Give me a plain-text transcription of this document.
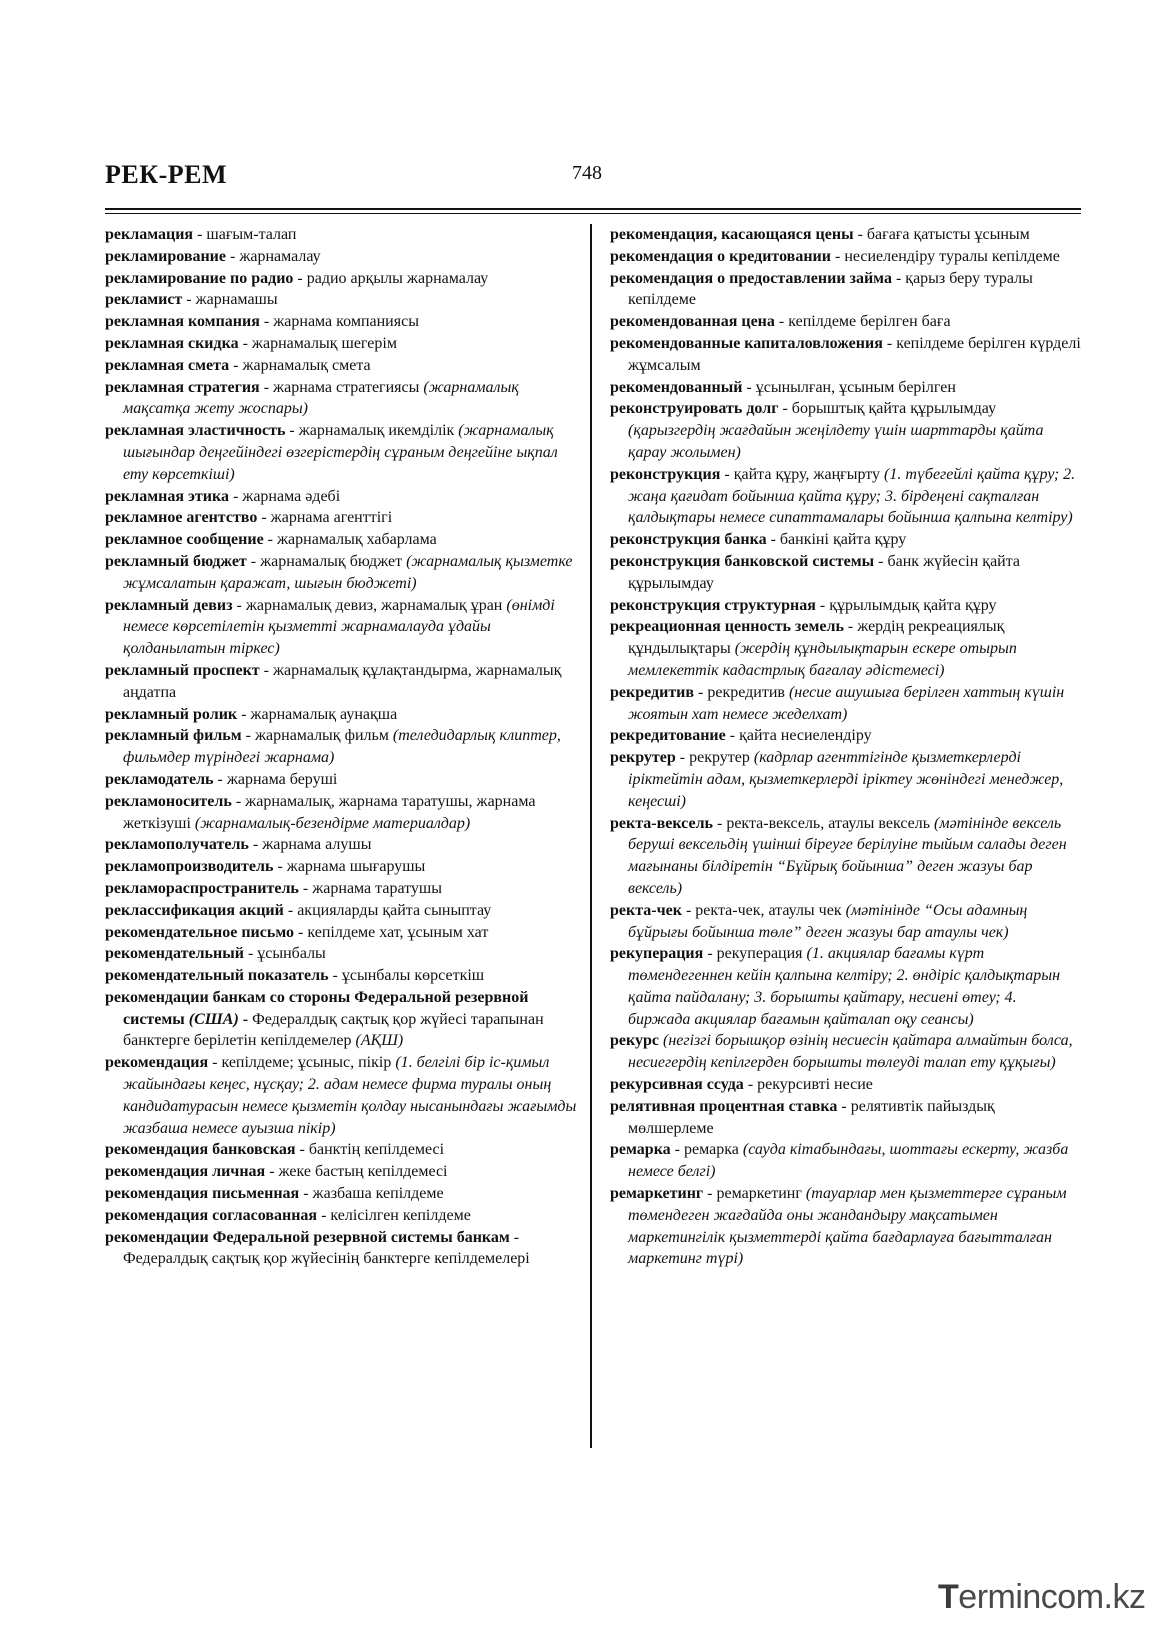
РЕК-РЕМ	748

рекламация - шағым-талап

рекламирование - жарнамалау

рекламирование по радио - радио арқылы жарнамалау

рекламист - жарнамашы

рекламная компания - жарнама компаниясы

рекламная скидка - жарнамалық шегерім

рекламная смета - жарнамалық смета

рекламная стратегия - жарнама стратегиясы (жарнамалық мақсатқа жету жоспары)

рекламная эластичность - жарнамалық икемділік (жарнамалық шығындар деңгейіндегі өзгерістердің сұраным деңгейіне ықпал ету көрсеткіші)

рекламная этика - жарнама әдебі

рекламное агентство - жарнама агенттігі

рекламное сообщение - жарнамалық хабарлама

рекламный бюджет - жарнамалық бюджет (жарнамалық қызметке жұмсалатын қаражат, шығын бюджеті)

рекламный девиз - жарнамалық девиз, жарнамалық ұран (өнімді немесе көрсетілетін қызметті жарнамалауда ұдайы қолданылатын тіркес)

рекламный проспект - жарнамалық құлақтандырма, жарнамалық аңдатпа

рекламный ролик - жарнамалық аунақша

рекламный фильм - жарнамалық фильм (теледидарлық клиптер, фильмдер түріндегі жарнама)

рекламодатель - жарнама беруші

рекламоноситель - жарнамалық, жарнама таратушы, жарнама жеткізуші (жарнамалық-безендірме материалдар)

рекламополучатель - жарнама алушы

рекламопроизводитель - жарнама шығарушы

рекламораспространитель - жарнама таратушы

реклассификация акций - акцияларды қайта сыныптау

рекомендательное письмо - кепілдеме хат, ұсыным хат

рекомендательный - ұсынбалы

рекомендательный показатель - ұсынбалы көрсеткіш

рекомендации банкам со стороны Федеральной резервной системы (США) - Федералдық сақтық қор жүйесі тарапынан банктерге берілетін кепілдемелер (АҚШ)

рекомендация - кепілдеме; ұсыныс, пікір (1. белгілі бір іс-қимыл жайындағы кеңес, нұсқау; 2. адам немесе фирма туралы оның кандидатурасын немесе қызметін қолдау нысанындағы жағымды жазбаша немесе ауызша пікір)

рекомендация банковская - банктің кепілдемесі

рекомендация личная - жеке бастың кепілдемесі

рекомендация письменная - жазбаша кепілдеме

рекомендация согласованная - келісілген кепілдеме

рекомендации Федеральной резервной системы банкам - Федералдық сақтық қор жүйесінің банктерге кепілдемелері

рекомендация, касающаяся цены - бағаға қатысты ұсыным

рекомендация о кредитовании - несиелендіру туралы кепілдеме

рекомендация о предоставлении займа - қарыз беру туралы кепілдеме

рекомендованная цена - кепілдеме берілген баға

рекомендованные капиталовложения - кепілдеме берілген күрделі жұмсалым

рекомендованный - ұсынылған, ұсыным берілген

реконструировать долг - борыштық қайта құрылымдау (қарызгердің жағдайын жеңілдету үшін шарттарды қайта қарау жолымен)

реконструкция - қайта құру, жаңғырту (1. түбегейлі қайта құру; 2. жаңа қағидат бойынша қайта құру; 3. бірдеңені сақталған қалдықтары немесе сипаттамалары бойынша қалпына келтіру)

реконструкция банка - банкіні қайта құру

реконструкция банковской системы - банк жүйесін қайта құрылымдау

реконструкция структурная - құрылымдық қайта құру

рекреационная ценность земель - жердің рекреациялық құндылықтары (жердің құндылықтарын ескере отырып мемлекеттік кадастрлық бағалау әдістемесі)

рекредитив - рекредитив (несие ашушыға берілген хаттың күшін жоятын хат немесе жеделхат)

рекредитование - қайта несиелендіру

рекрутер - рекрутер (кадрлар агенттігінде қызметкерлерді іріктейтін адам, қызметкерлерді іріктеу жөніндегі менеджер, кеңесші)

ректа-вексель - ректа-вексель, атаулы вексель (мәтінінде вексель беруші вексельдің үшінші біреуге берілуіне тыйым салады деген мағынаны білдіретін “Бұйрық бойынша” деген жазуы бар вексель)

ректа-чек - ректа-чек, атаулы чек (мәтінінде “Осы адамның бұйрығы бойынша төле” деген жазуы бар атаулы чек)

рекуперация - рекуперация (1. акциялар бағамы күрт төмендегеннен кейін қалпына келтіру; 2. өндіріс қалдықтарын қайта пайдалану; 3. борышты қайтару, несиені өтеу; 4. биржада акциялар бағамын қайталап оқу сеансы)

рекурс (негізгі борышқор өзінің несиесін қайтара алмайтын болса, несиегердің кепілгерден борышты төлеуді талап ету құқығы)

рекурсивная ссуда - рекурсивті несие

релятивная процентная ставка - релятивтік пайыздық мөлшерлеме

ремарка - ремарка (сауда кітабындағы, шоттағы ескерту, жазба немесе белгі)

ремаркетинг - ремаркетинг (тауарлар мен қызметтерге сұраным төмендеген жағдайда оны жандандыру мақсатымен маркетингілік қызметтерді қайта бағдарлауға бағытталған маркетинг түрі)

Termincom.kz
